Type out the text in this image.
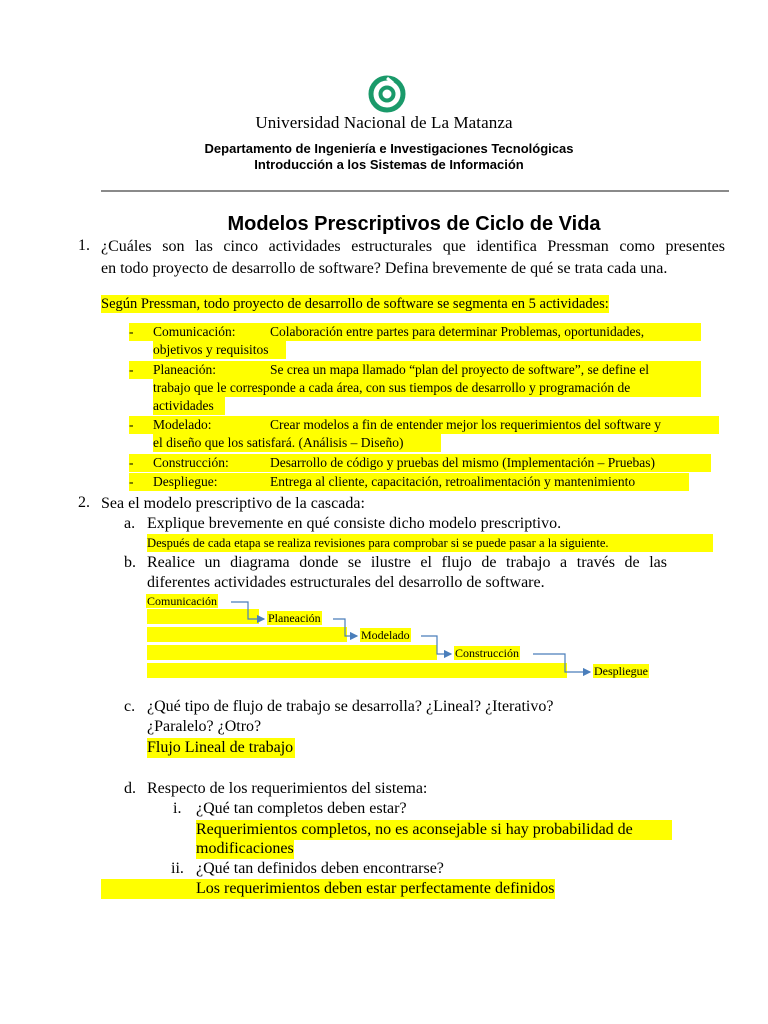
Universidad Nacional de La Matanza
Departamento de Ingeniería e Investigaciones Tecnológicas
Introducción a los Sistemas de Información
Modelos Prescriptivos de Ciclo de Vida
1. ¿Cuáles son las cinco actividades estructurales que identifica Pressman como presentes
en todo proyecto de desarrollo de software? Defina brevemente de qué se trata cada una.
Según Pressman, todo proyecto de desarrollo de software se segmenta en 5 actividades:
- Comunicación:	Colaboración entre partes para determinar Problemas, oportunidades,
objetivos y requisitos
- Planeación:	Se crea un mapa llamado “plan del proyecto de software”, se define el
trabajo que le corresponde a cada área, con sus tiempos de desarrollo y programación de
actividades
- Modelado:	Crear modelos a fin de entender mejor los requerimientos del software y
el diseño que los satisfará. (Análisis – Diseño)
- Construcción:	Desarrollo de código y pruebas del mismo (Implementación – Pruebas)
- Despliegue:	Entrega al cliente, capacitación, retroalimentación y mantenimiento
2. Sea el modelo prescriptivo de la cascada:
a. Explique brevemente en qué consiste dicho modelo prescriptivo.
Después de cada etapa se realiza revisiones para comprobar si se puede pasar a la siguiente.
b. Realice un diagrama donde se ilustre el flujo de trabajo a través de las
diferentes actividades estructurales del desarrollo de software.
Comunicación
Planeación
Modelado
Construcción
Despliegue
c. ¿Qué tipo de flujo de trabajo se desarrolla? ¿Lineal? ¿Iterativo?
¿Paralelo? ¿Otro?
Flujo Lineal de trabajo
d. Respecto de los requerimientos del sistema:
i. ¿Qué tan completos deben estar?
Requerimientos completos, no es aconsejable si hay probabilidad de
modificaciones
ii. ¿Qué tan definidos deben encontrarse?
Los requerimientos deben estar perfectamente definidos
